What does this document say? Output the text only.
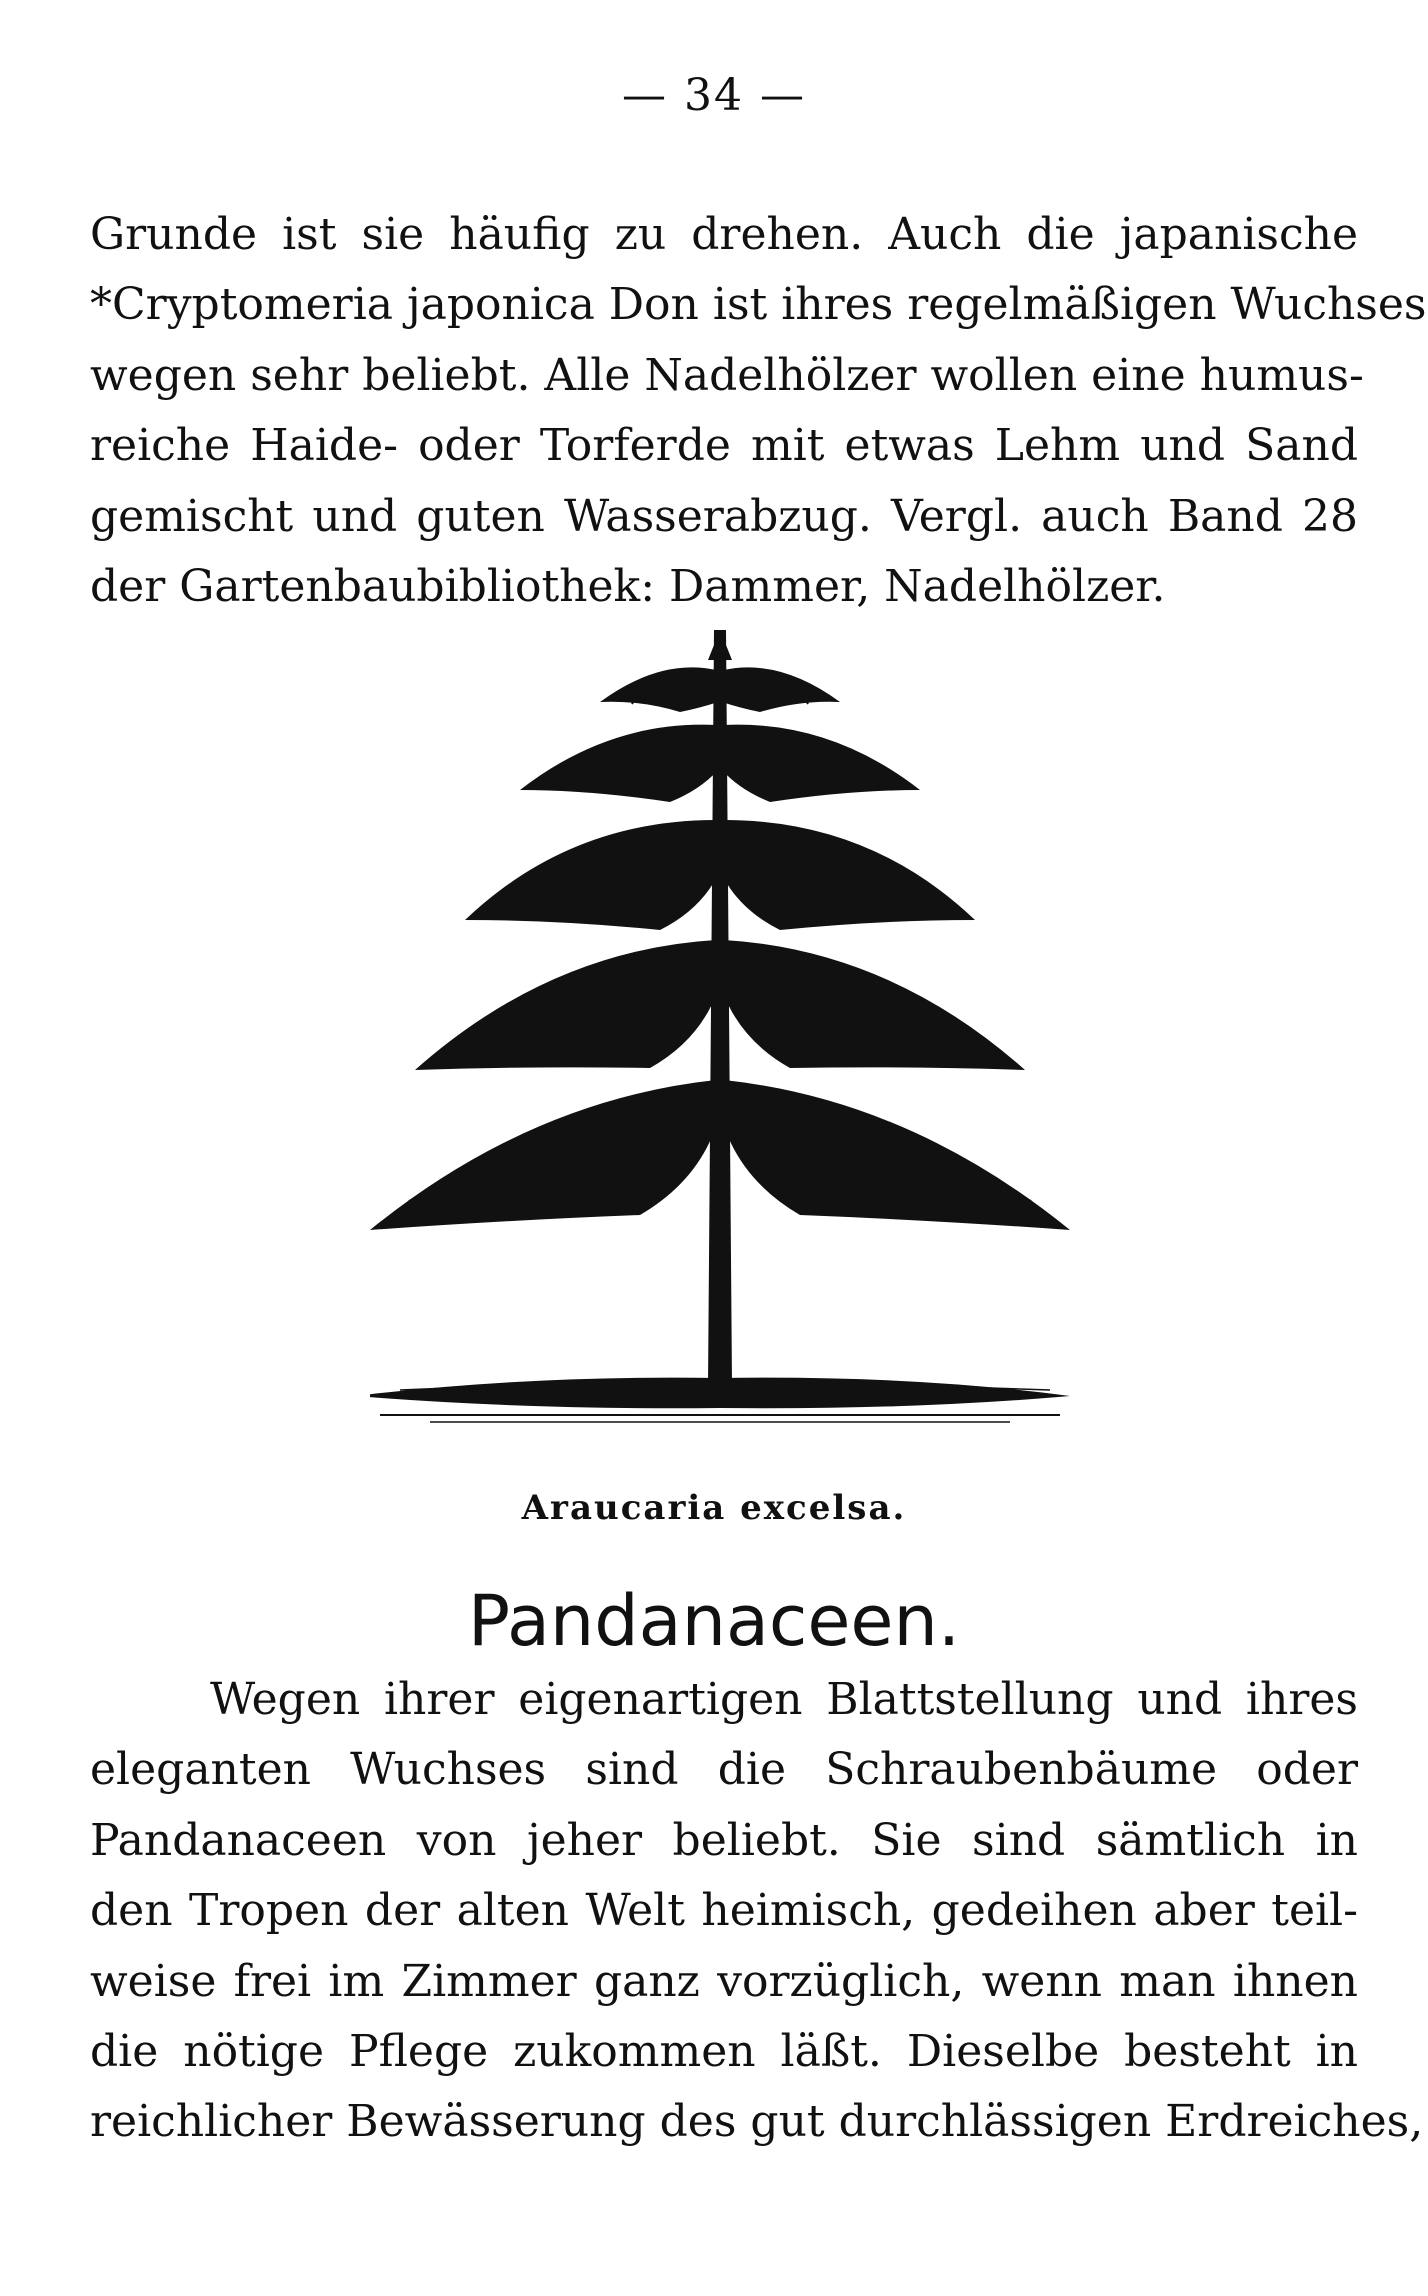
— 34 —
Grunde ist sie häufig zu drehen. Auch die japanische
*Cryptomeria japonica Don ist ihres regelmäßigen Wuchses
wegen sehr beliebt. Alle Nadelhölzer wollen eine humus-
reiche Haide- oder Torferde mit etwas Lehm und Sand
gemischt und guten Wasserabzug. Vergl. auch Band 28
der Gartenbaubibliothek: Dammer, Nadelhölzer.
Araucaria excelsa.
Pandanaceen.
Wegen ihrer eigenartigen Blattstellung und ihres
eleganten Wuchses sind die Schraubenbäume oder
Pandanaceen von jeher beliebt. Sie sind sämtlich in
den Tropen der alten Welt heimisch, gedeihen aber teil-
weise frei im Zimmer ganz vorzüglich, wenn man ihnen
die nötige Pflege zukommen läßt. Dieselbe besteht in
reichlicher Bewässerung des gut durchlässigen Erdreiches,
